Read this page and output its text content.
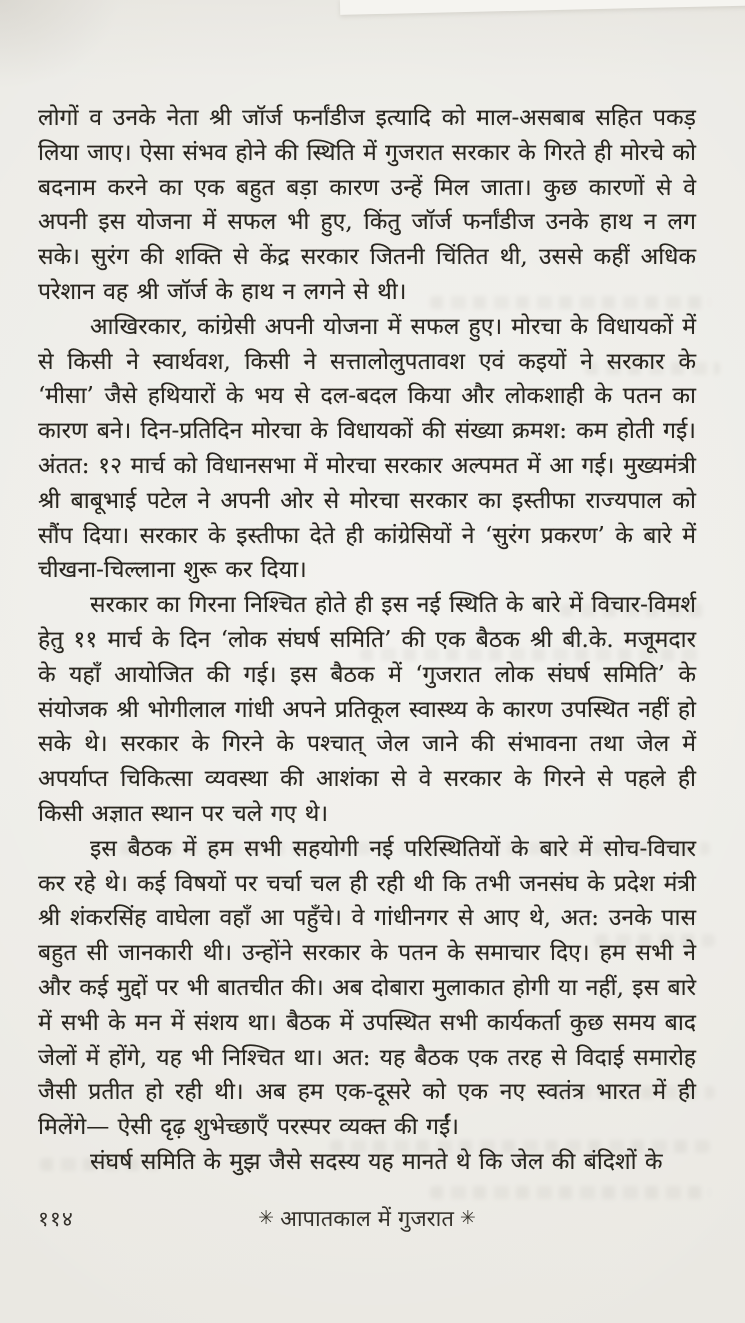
लोगों व उनके नेता श्री जॉर्ज फर्नांडीज इत्यादि को माल-असबाब सहित पकड़ लिया जाए। ऐसा संभव होने की स्थिति में गुजरात सरकार के गिरते ही मोरचे को बदनाम करने का एक बहुत बड़ा कारण उन्हें मिल जाता। कुछ कारणों से वे अपनी इस योजना में सफल भी हुए, किंतु जॉर्ज फर्नांडीज उनके हाथ न लग सके। सुरंग की शक्ति से केंद्र सरकार जितनी चिंतित थी, उससे कहीं अधिक परेशान वह श्री जॉर्ज के हाथ न लगने से थी।

आखिरकार, कांग्रेसी अपनी योजना में सफल हुए। मोरचा के विधायकों में से किसी ने स्वार्थवश, किसी ने सत्तालोलुपतावश एवं कइयों ने सरकार के ‘मीसा’ जैसे हथियारों के भय से दल-बदल किया और लोकशाही के पतन का कारण बने। दिन-प्रतिदिन मोरचा के विधायकों की संख्या क्रमश: कम होती गई। अंतत: १२ मार्च को विधानसभा में मोरचा सरकार अल्पमत में आ गई। मुख्यमंत्री श्री बाबूभाई पटेल ने अपनी ओर से मोरचा सरकार का इस्तीफा राज्यपाल को सौंप दिया। सरकार के इस्तीफा देते ही कांग्रेसियों ने ‘सुरंग प्रकरण’ के बारे में चीखना-चिल्लाना शुरू कर दिया।

सरकार का गिरना निश्चित होते ही इस नई स्थिति के बारे में विचार-विमर्श हेतु ११ मार्च के दिन ‘लोक संघर्ष समिति’ की एक बैठक श्री बी.के. मजूमदार के यहाँ आयोजित की गई। इस बैठक में ‘गुजरात लोक संघर्ष समिति’ के संयोजक श्री भोगीलाल गांधी अपने प्रतिकूल स्वास्थ्य के कारण उपस्थित नहीं हो सके थे। सरकार के गिरने के पश्चात् जेल जाने की संभावना तथा जेल में अपर्याप्त चिकित्सा व्यवस्था की आशंका से वे सरकार के गिरने से पहले ही किसी अज्ञात स्थान पर चले गए थे।

इस बैठक में हम सभी सहयोगी नई परिस्थितियों के बारे में सोच-विचार कर रहे थे। कई विषयों पर चर्चा चल ही रही थी कि तभी जनसंघ के प्रदेश मंत्री श्री शंकरसिंह वाघेला वहाँ आ पहुँचे। वे गांधीनगर से आए थे, अत: उनके पास बहुत सी जानकारी थी। उन्होंने सरकार के पतन के समाचार दिए। हम सभी ने और कई मुद्दों पर भी बातचीत की। अब दोबारा मुलाकात होगी या नहीं, इस बारे में सभी के मन में संशय था। बैठक में उपस्थित सभी कार्यकर्ता कुछ समय बाद जेलों में होंगे, यह भी निश्चित था। अत: यह बैठक एक तरह से विदाई समारोह जैसी प्रतीत हो रही थी। अब हम एक-दूसरे को एक नए स्वतंत्र भारत में ही मिलेंगे— ऐसी दृढ़ शुभेच्छाएँ परस्पर व्यक्त की गईं।

संघर्ष समिति के मुझ जैसे सदस्य यह मानते थे कि जेल की बंदिशों के

११४	✳ आपातकाल में गुजरात ✳
